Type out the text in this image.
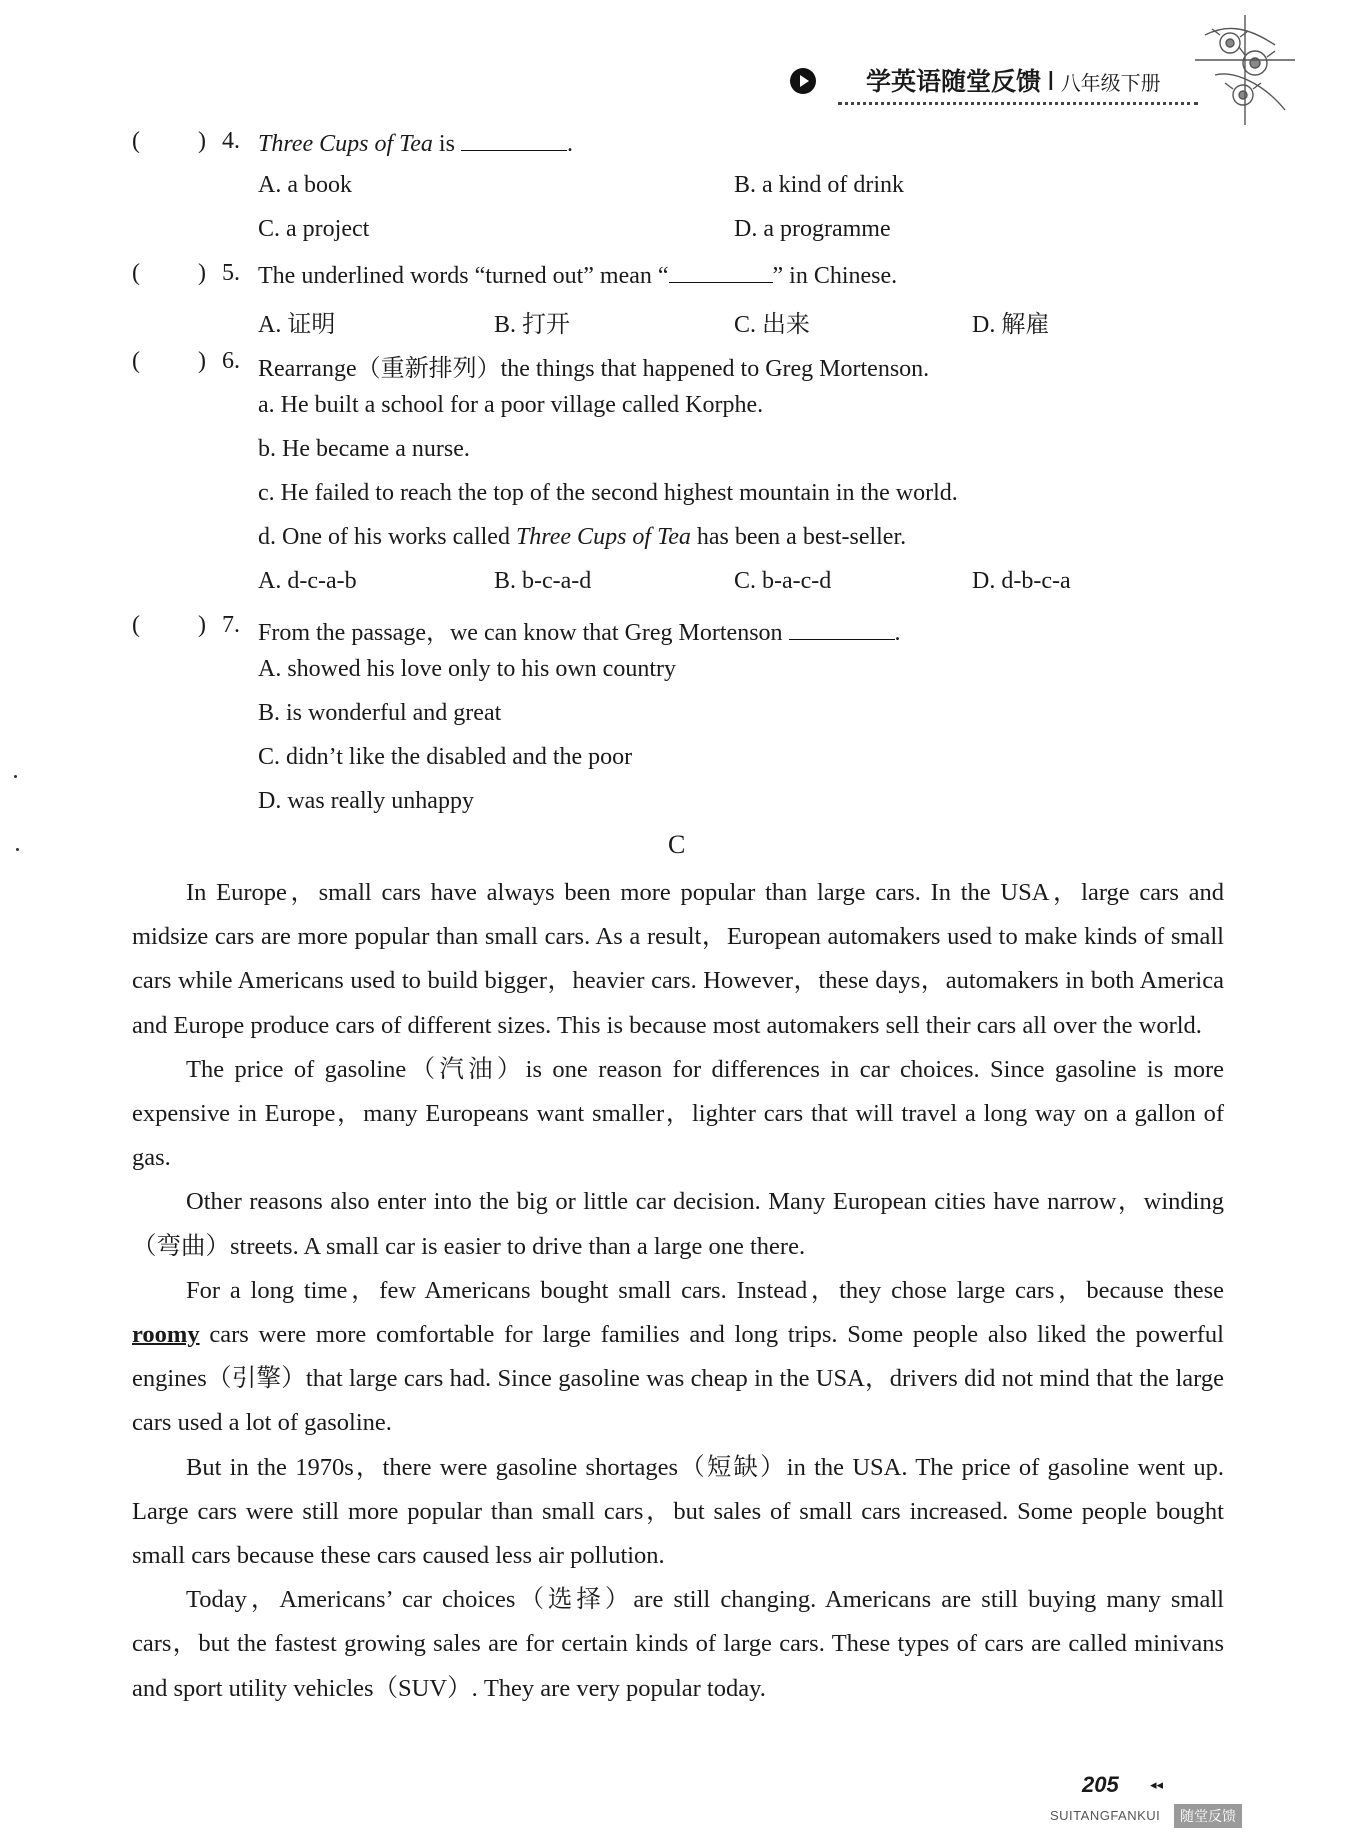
学英语随堂反馈 I 八年级下册
( ) 4. Three Cups of Tea is	.
A. a book	B. a kind of drink
C. a project	D. a programme
( ) 5. The underlined words “turned out” mean “	” in Chinese.
A. 证明	B. 打开	C. 出来	D. 解雇
( ) 6. Rearrange（重新排列）the things that happened to Greg Mortenson.
a. He built a school for a poor village called Korphe.
b. He became a nurse.
c. He failed to reach the top of the second highest mountain in the world.
d. One of his works called Three Cups of Tea has been a best-seller.
A. d-c-a-b	B. b-c-a-d	C. b-a-c-d	D. d-b-c-a
( ) 7. From the passage，we can know that Greg Mortenson	.
A. showed his love only to his own country
B. is wonderful and great
C. didn’t like the disabled and the poor
D. was really unhappy
C

In Europe，small cars have always been more popular than large cars. In the USA，large cars and midsize cars are more popular than small cars. As a result，European automakers used to make kinds of small cars while Americans used to build bigger，heavier cars. However，these days，automakers in both America and Europe produce cars of different sizes. This is because most automakers sell their cars all over the world.

The price of gasoline（汽油）is one reason for differences in car choices. Since gasoline is more expensive in Europe，many Europeans want smaller，lighter cars that will travel a long way on a gallon of gas.

Other reasons also enter into the big or little car decision. Many European cities have narrow，winding（弯曲）streets. A small car is easier to drive than a large one there.

For a long time，few Americans bought small cars. Instead，they chose large cars，because these roomy cars were more comfortable for large families and long trips. Some people also liked the powerful engines（引擎）that large cars had. Since gasoline was cheap in the USA，drivers did not mind that the large cars used a lot of gasoline.

But in the 1970s，there were gasoline shortages（短缺）in the USA. The price of gasoline went up. Large cars were still more popular than small cars，but sales of small cars increased. Some people bought small cars because these cars caused less air pollution.

Today，Americans’ car choices（选择）are still changing. Americans are still buying many small cars，but the fastest growing sales are for certain kinds of large cars. These types of cars are called minivans and sport utility vehicles（SUV）. They are very popular today.

205 ◂◂
SUITANGFANKUI	随堂反馈
